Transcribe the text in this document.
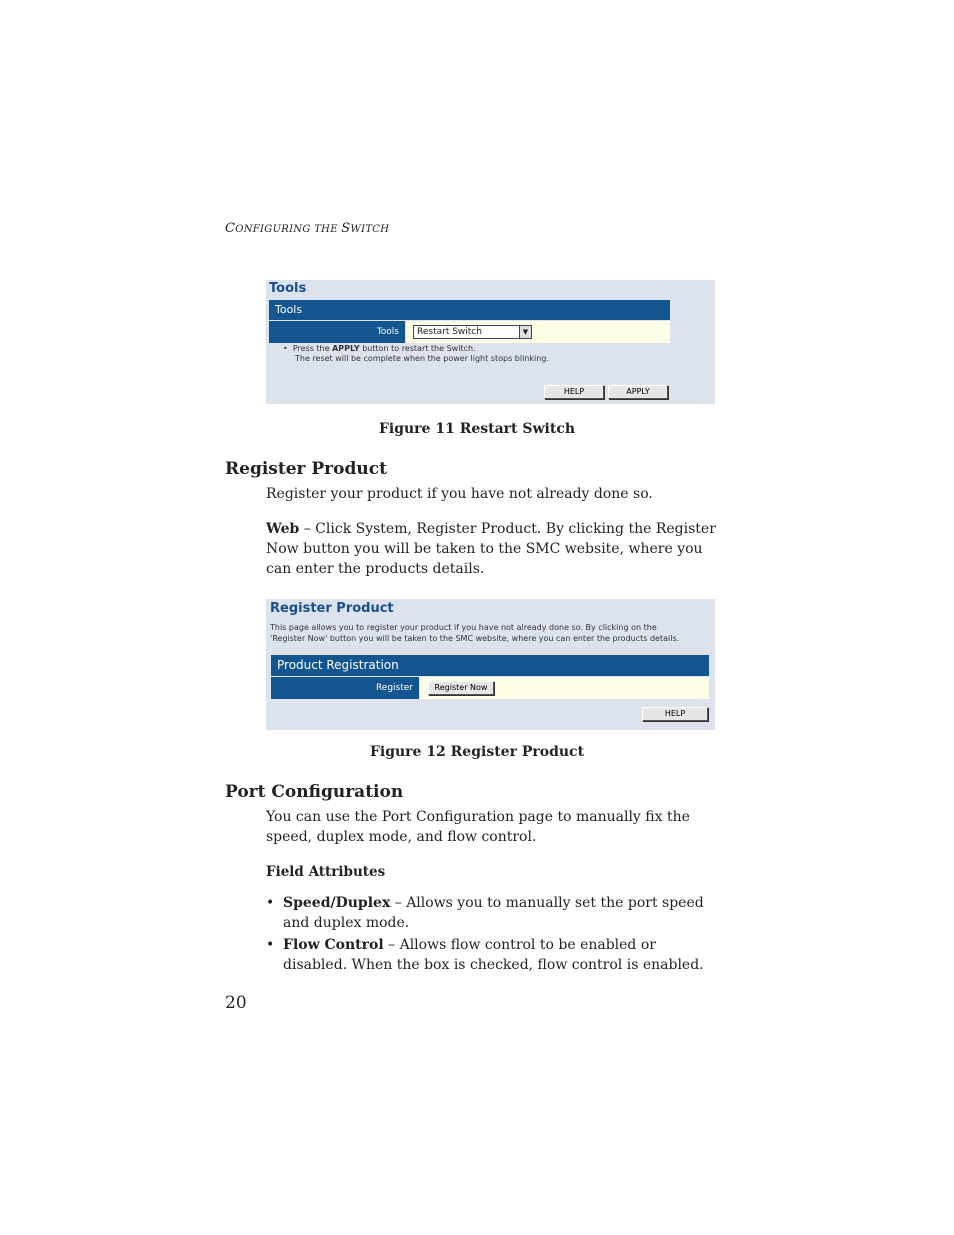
CONFIGURING THE SWITCH
Tools
Tools
Tools	Restart Switch	▼
•  Press the APPLY button to restart the Switch.
The reset will be complete when the power light stops blinking.
HELP	APPLY
Figure 11 Restart Switch
Register Product
Register your product if you have not already done so.
Web – Click System, Register Product. By clicking the Register Now button you will be taken to the SMC website, where you can enter the products details.
Register Product
This page allows you to register your product if you have not already done so. By clicking on the
'Register Now' button you will be taken to the SMC website, where you can enter the products details.
Product Registration
Register	Register Now
HELP
Figure 12 Register Product
Port Configuration
You can use the Port Configuration page to manually fix the speed, duplex mode, and flow control.
Field Attributes
• Speed/Duplex – Allows you to manually set the port speed and duplex mode.
• Flow Control – Allows flow control to be enabled or disabled. When the box is checked, flow control is enabled.
20
